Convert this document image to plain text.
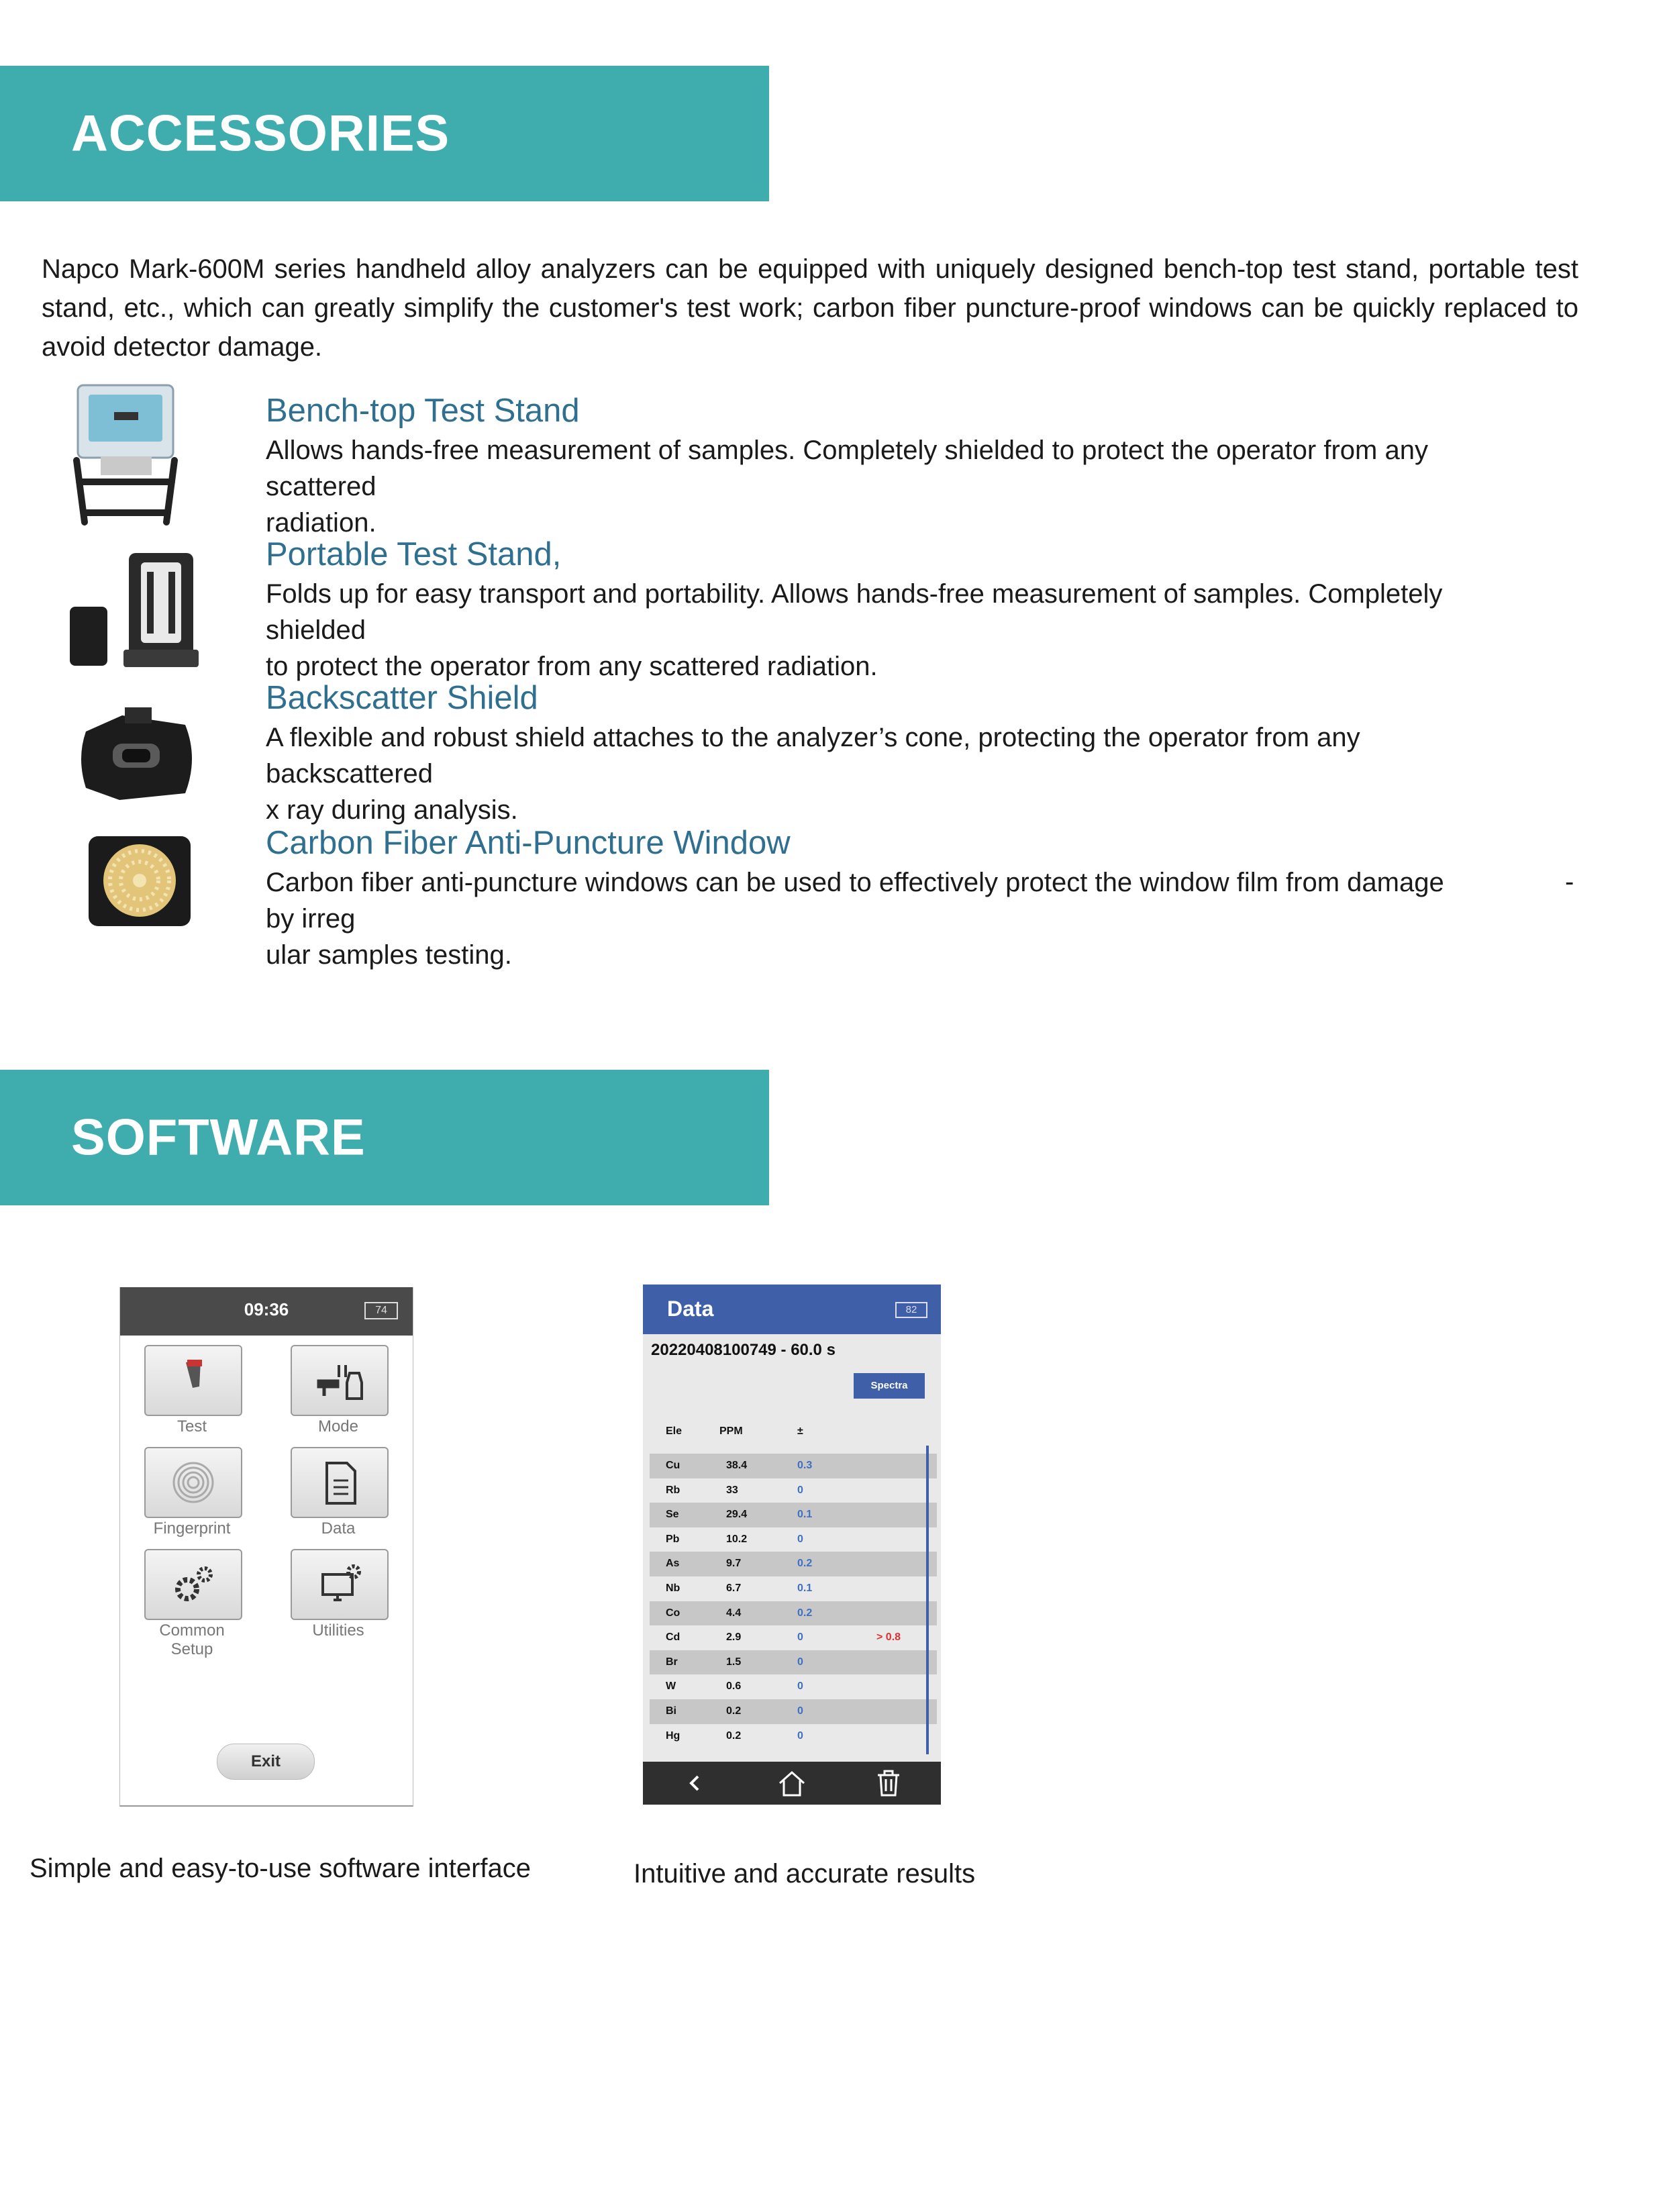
ACCESSORIES
Napco Mark-600M series handheld alloy analyzers can be equipped with uniquely designed bench-top test stand, portable test stand, etc., which can greatly simplify the customer's test work; carbon fiber puncture-proof windows can be quickly replaced to avoid detector damage.
Bench-top Test Stand
Allows hands-free measurement of samples. Completely shielded to protect the operator from any scattered
radiation.
Portable Test Stand,
Folds up for easy transport and portability. Allows hands-free measurement of samples. Completely shielded
to protect the operator from any scattered radiation.
Backscatter Shield
A flexible and robust shield attaches to the analyzer’s cone, protecting the operator from any backscattered
x ray during analysis.
Carbon Fiber Anti-Puncture Window
Carbon fiber anti-puncture windows can be used to effectively protect the window film from damage by irreg
ular samples testing.
-
SOFTWARE
09:36	74
Test	Mode
Fingerprint	Data
Common
Setup
Utilities
Exit
Simple and easy-to-use software interface
Data	82
20220408100749 - 60.0 s
Spectra
Ele	PPM	±
Cu	38.4	0.3
Rb	33	0
Se	29.4	0.1
Pb	10.2	0
As	9.7	0.2
Nb	6.7	0.1
Co	4.4	0.2
Cd	2.9	0	> 0.8
Br	1.5	0
W	0.6	0
Bi	0.2	0
Hg	0.2	0
Intuitive and accurate results
